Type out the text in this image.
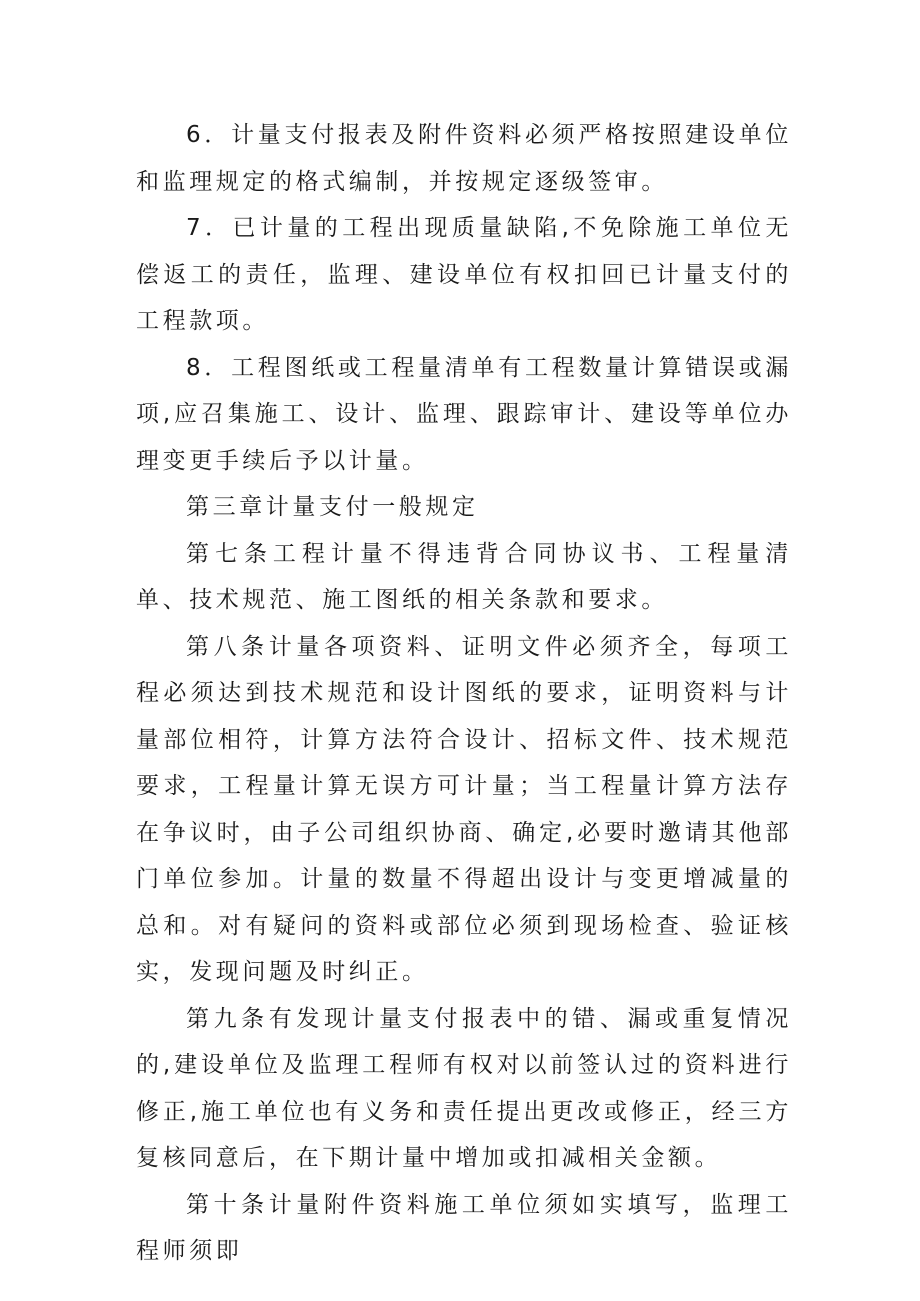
6．计量支付报表及附件资料必须严格按照建设单位和监理规定的格式编制，并按规定逐级签审。

7．已计量的工程出现质量缺陷,不免除施工单位无偿返工的责任，监理、建设单位有权扣回已计量支付的工程款项。

8．工程图纸或工程量清单有工程数量计算错误或漏项,应召集施工、设计、监理、跟踪审计、建设等单位办理变更手续后予以计量。

第三章计量支付一般规定

第七条工程计量不得违背合同协议书、工程量清单、技术规范、施工图纸的相关条款和要求。

第八条计量各项资料、证明文件必须齐全，每项工程必须达到技术规范和设计图纸的要求，证明资料与计量部位相符，计算方法符合设计、招标文件、技术规范要求，工程量计算无误方可计量；当工程量计算方法存在争议时，由子公司组织协商、确定,必要时邀请其他部门单位参加。计量的数量不得超出设计与变更增减量的总和。对有疑问的资料或部位必须到现场检查、验证核实，发现问题及时纠正。

第九条有发现计量支付报表中的错、漏或重复情况的,建设单位及监理工程师有权对以前签认过的资料进行修正,施工单位也有义务和责任提出更改或修正，经三方复核同意后，在下期计量中增加或扣减相关金额。

第十条计量附件资料施工单位须如实填写，监理工程师须即
